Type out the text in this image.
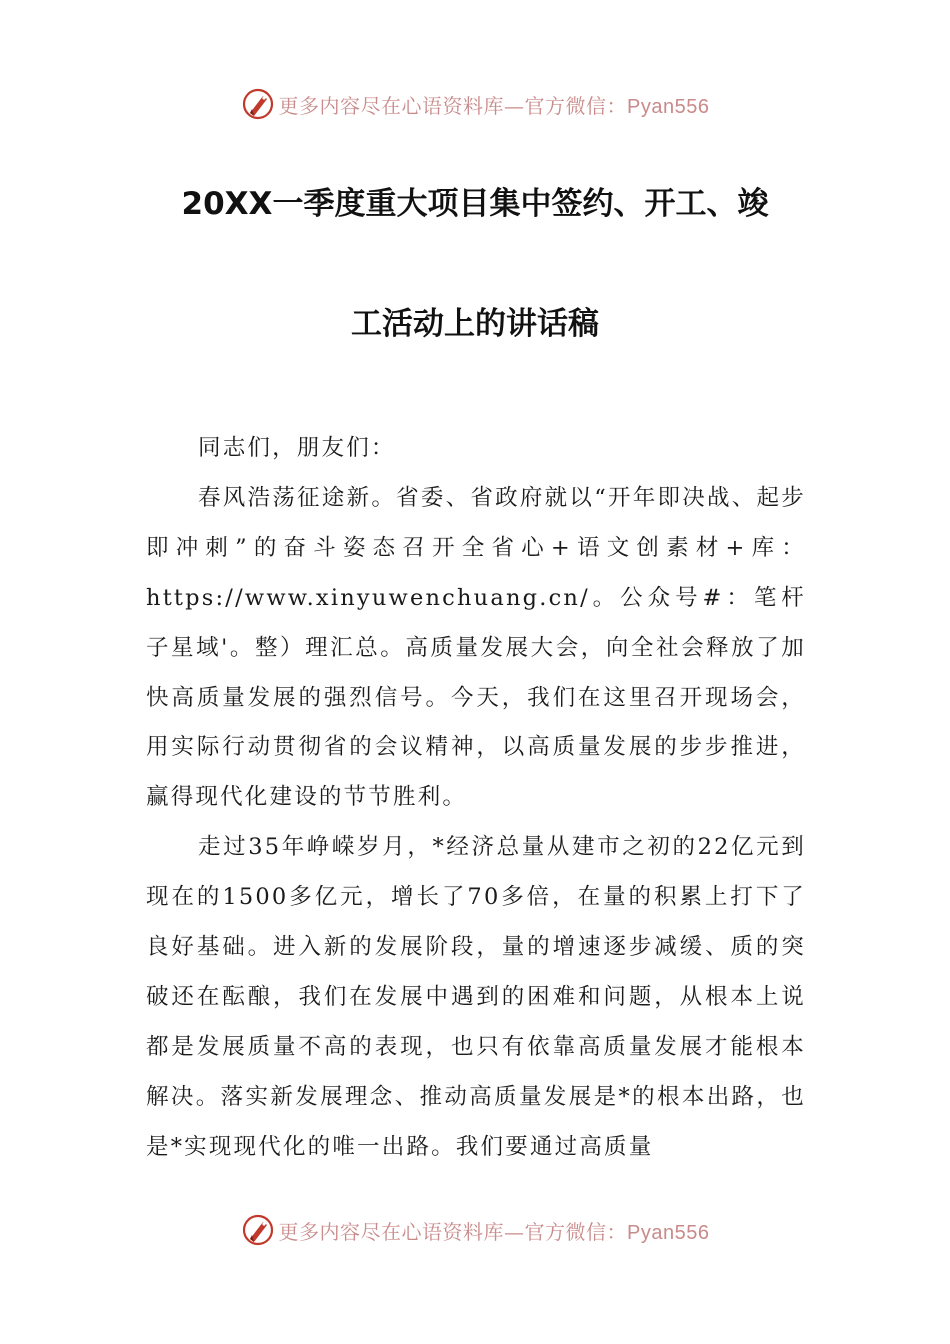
更多内容尽在心语资料库—官方微信：Pyan556
20XX一季度重大项目集中签约、开工、竣
工活动上的讲话稿

同志们，朋友们：

春风浩荡征途新。省委、省政府就以“开年即决战、起步即冲刺”的奋斗姿态召开全省心+语文创素材+库：https://www.xinyuwenchuang.cn/。公众号#：笔杆子星域'。整）理汇总。高质量发展大会，向全社会释放了加快高质量发展的强烈信号。今天，我们在这里召开现场会，用实际行动贯彻省的会议精神，以高质量发展的步步推进，赢得现代化建设的节节胜利。

走过35年峥嵘岁月，*经济总量从建市之初的22亿元到现在的1500多亿元，增长了70多倍，在量的积累上打下了良好基础。进入新的发展阶段，量的增速逐步减缓、质的突破还在酝酿，我们在发展中遇到的困难和问题，从根本上说都是发展质量不高的表现，也只有依靠高质量发展才能根本解决。落实新发展理念、推动高质量发展是*的根本出路，也是*实现现代化的唯一出路。我们要通过高质量

更多内容尽在心语资料库—官方微信：Pyan556
